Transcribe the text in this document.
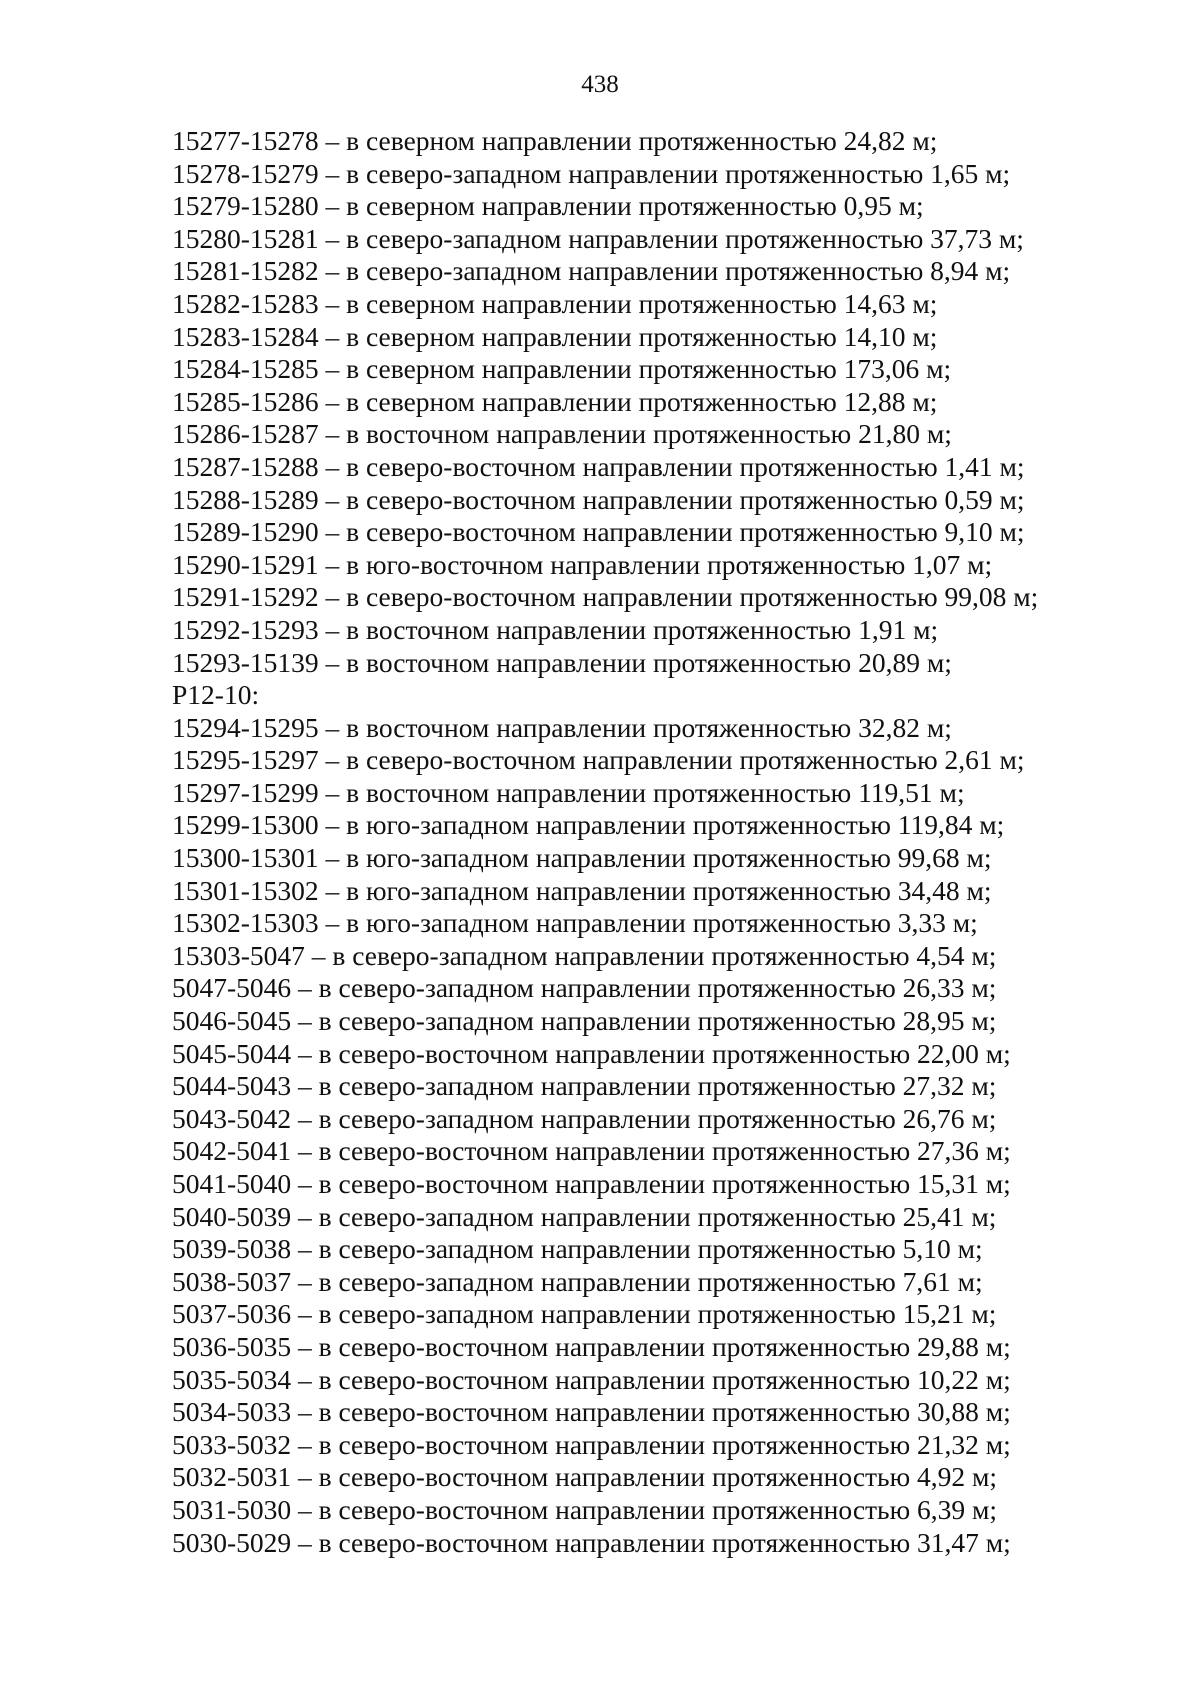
438
15277-15278 – в северном направлении протяженностью 24,82 м;
15278-15279 – в северо-западном направлении протяженностью 1,65 м;
15279-15280 – в северном направлении протяженностью 0,95 м;
15280-15281 – в северо-западном направлении протяженностью 37,73 м;
15281-15282 – в северо-западном направлении протяженностью 8,94 м;
15282-15283 – в северном направлении протяженностью 14,63 м;
15283-15284 – в северном направлении протяженностью 14,10 м;
15284-15285 – в северном направлении протяженностью 173,06 м;
15285-15286 – в северном направлении протяженностью 12,88 м;
15286-15287 – в восточном направлении протяженностью 21,80 м;
15287-15288 – в северо-восточном направлении протяженностью 1,41 м;
15288-15289 – в северо-восточном направлении протяженностью 0,59 м;
15289-15290 – в северо-восточном направлении протяженностью 9,10 м;
15290-15291 – в юго-восточном направлении протяженностью 1,07 м;
15291-15292 – в северо-восточном направлении протяженностью 99,08 м;
15292-15293 – в восточном направлении протяженностью 1,91 м;
15293-15139 – в восточном направлении протяженностью 20,89 м;
Р12-10:
15294-15295 – в восточном направлении протяженностью 32,82 м;
15295-15297 – в северо-восточном направлении протяженностью 2,61 м;
15297-15299 – в восточном направлении протяженностью 119,51 м;
15299-15300 – в юго-западном направлении протяженностью 119,84 м;
15300-15301 – в юго-западном направлении протяженностью 99,68 м;
15301-15302 – в юго-западном направлении протяженностью 34,48 м;
15302-15303 – в юго-западном направлении протяженностью 3,33 м;
15303-5047 – в северо-западном направлении протяженностью 4,54 м;
5047-5046 – в северо-западном направлении протяженностью 26,33 м;
5046-5045 – в северо-западном направлении протяженностью 28,95 м;
5045-5044 – в северо-восточном направлении протяженностью 22,00 м;
5044-5043 – в северо-западном направлении протяженностью 27,32 м;
5043-5042 – в северо-западном направлении протяженностью 26,76 м;
5042-5041 – в северо-восточном направлении протяженностью 27,36 м;
5041-5040 – в северо-восточном направлении протяженностью 15,31 м;
5040-5039 – в северо-западном направлении протяженностью 25,41 м;
5039-5038 – в северо-западном направлении протяженностью 5,10 м;
5038-5037 – в северо-западном направлении протяженностью 7,61 м;
5037-5036 – в северо-западном направлении протяженностью 15,21 м;
5036-5035 – в северо-восточном направлении протяженностью 29,88 м;
5035-5034 – в северо-восточном направлении протяженностью 10,22 м;
5034-5033 – в северо-восточном направлении протяженностью 30,88 м;
5033-5032 – в северо-восточном направлении протяженностью 21,32 м;
5032-5031 – в северо-восточном направлении протяженностью 4,92 м;
5031-5030 – в северо-восточном направлении протяженностью 6,39 м;
5030-5029 – в северо-восточном направлении протяженностью 31,47 м;
